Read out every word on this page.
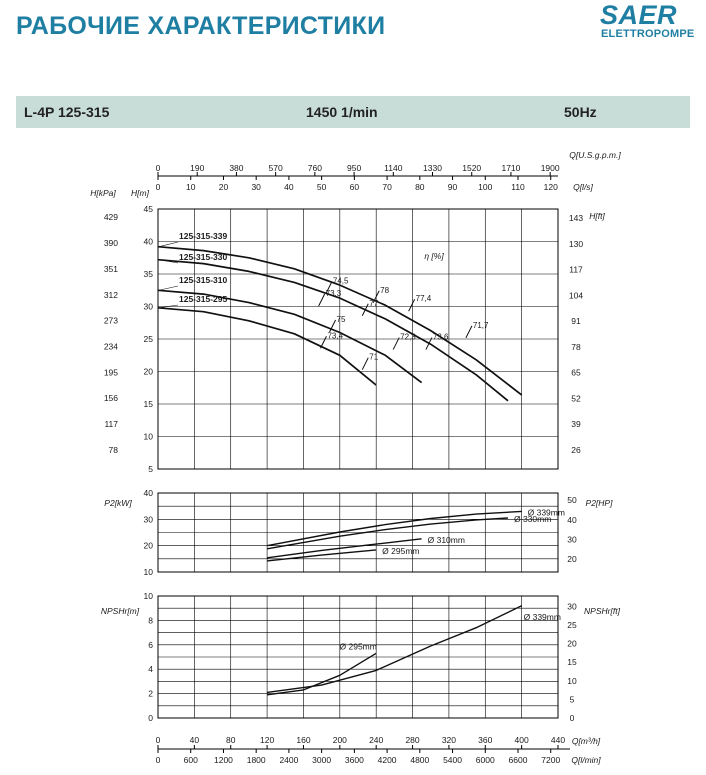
РАБОЧИЕ ХАРАКТЕРИСТИКИ	SAER
ELETTROPOMPE
L-4P 125-315	1450 1/min	50Hz
0	190	380	570	760	950	1140 1330 1520 1710 1900
Q[U.S.g.p.m.]
0	10	20	30	40	50	60	70	80	90 100 110 120 Q[l/s]
0	40	80	120	160	200	240	280	320	360	400	440 Q[m³/h]
0	600 1200 1800 2400 3000 3600 4200 4800 5400 6000 6600 7200 Q[l/min]
5
10
15
20
25
30
35
40
45
78
117
156
195
234
273
312
351
390
429
26
39
52
65
78
91
104
117
130
143
H[kPa] H[m]
H[ft]
η [%]
125-315-339
125-315-330
125-315-310
125-315-295
74,5
73,3	78
77
77,4
75
73,4	72,3 73,6
71
71,7
10
20
30
40
20
30
40
50
P2[kW]	P2[HP]
Ø 339mm
Ø 330mm
Ø 310mm
Ø 295mm
0
2
4
6
8
10
0
5
10
15
20
25
30
NPSHr[m]	NPSHr[ft]
Ø 339mm
Ø 295mm
